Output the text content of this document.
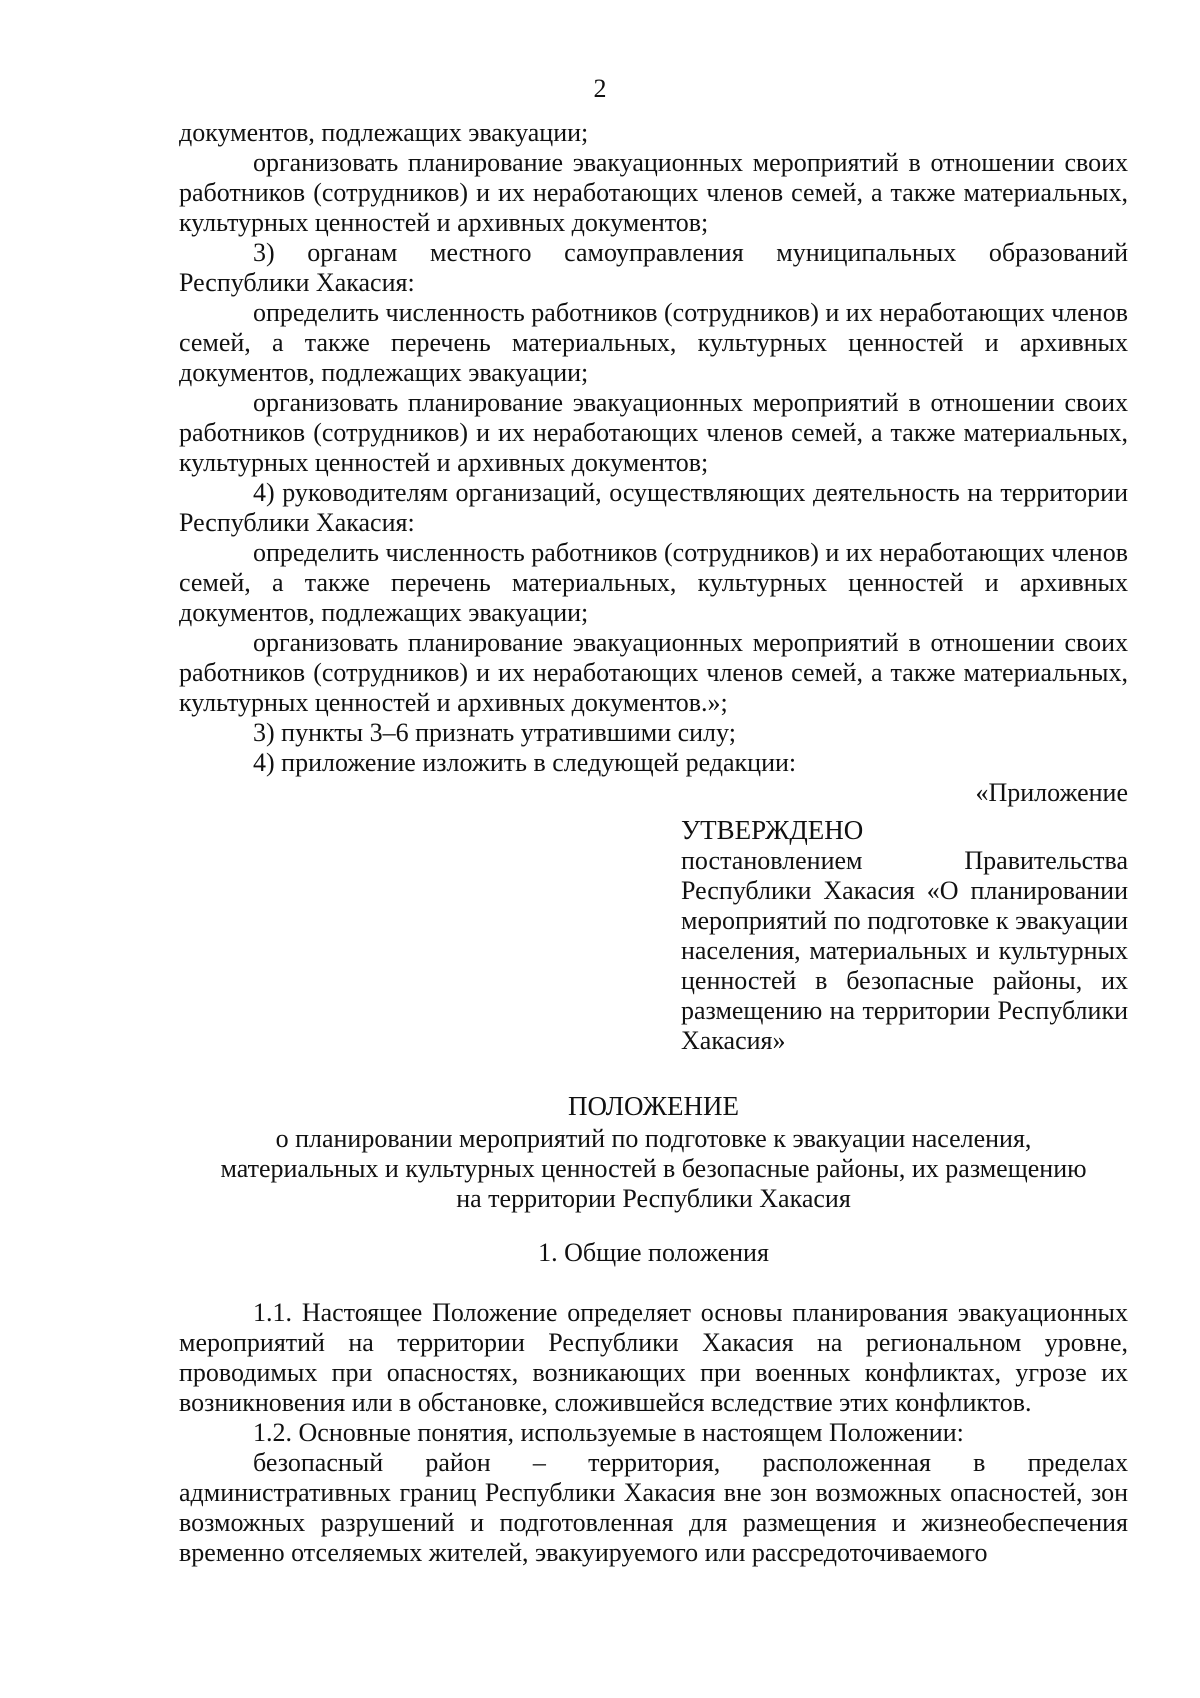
2

документов, подлежащих эвакуации;

организовать планирование эвакуационных мероприятий в отношении своих работников (сотрудников) и их неработающих членов семей, а также материальных, культурных ценностей и архивных документов;

3) органам местного самоуправления муниципальных образований Республики Хакасия:

определить численность работников (сотрудников) и их неработающих членов семей, а также перечень материальных, культурных ценностей и архивных документов, подлежащих эвакуации;

организовать планирование эвакуационных мероприятий в отношении своих работников (сотрудников) и их неработающих членов семей, а также материальных, культурных ценностей и архивных документов;

4) руководителям организаций, осуществляющих деятельность на территории Республики Хакасия:

определить численность работников (сотрудников) и их неработающих членов семей, а также перечень материальных, культурных ценностей и архивных документов, подлежащих эвакуации;

организовать планирование эвакуационных мероприятий в отношении своих работников (сотрудников) и их неработающих членов семей, а также материальных, культурных ценностей и архивных документов.»;

3) пункты 3–6 признать утратившими силу;

4) приложение изложить в следующей редакции:

«Приложение

УТВЕРЖДЕНО

постановлением Правительства Республики Хакасия «О планировании мероприятий по подготовке к эвакуации населения, материальных и культурных ценностей в безопасные районы, их размещению на территории Республики Хакасия»

ПОЛОЖЕНИЕ

о планировании мероприятий по подготовке к эвакуации населения,

материальных и культурных ценностей в безопасные районы, их размещению

на территории Республики Хакасия

1. Общие положения

1.1. Настоящее Положение определяет основы планирования эвакуационных мероприятий на территории Республики Хакасия на региональном уровне, проводимых при опасностях, возникающих при военных конфликтах, угрозе их возникновения или в обстановке, сложившейся вследствие этих конфликтов.

1.2. Основные понятия, используемые в настоящем Положении:

безопасный район – территория, расположенная в пределах административных границ Республики Хакасия вне зон возможных опасностей, зон возможных разрушений и подготовленная для размещения и жизнеобеспечения временно отселяемых жителей, эвакуируемого или рассредоточиваемого
